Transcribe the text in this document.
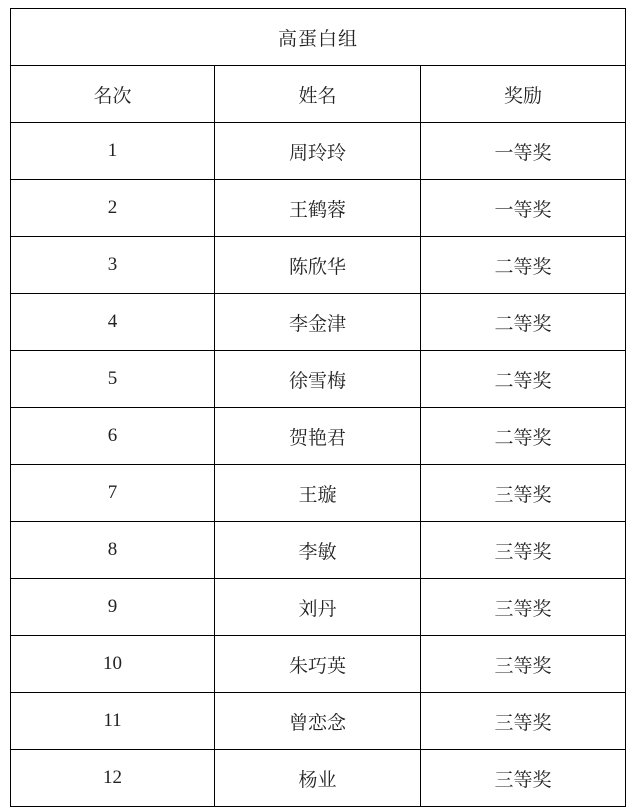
高蛋白组		
名次	姓名	奖励
1	周玲玲	一等奖
2	王鹤蓉	一等奖
3	陈欣华	二等奖
4	李金津	二等奖
5	徐雪梅	二等奖
6	贺艳君	二等奖
7	王璇	三等奖
8	李敏	三等奖
9	刘丹	三等奖
10	朱巧英	三等奖
11	曾恋念	三等奖
12	杨业	三等奖
